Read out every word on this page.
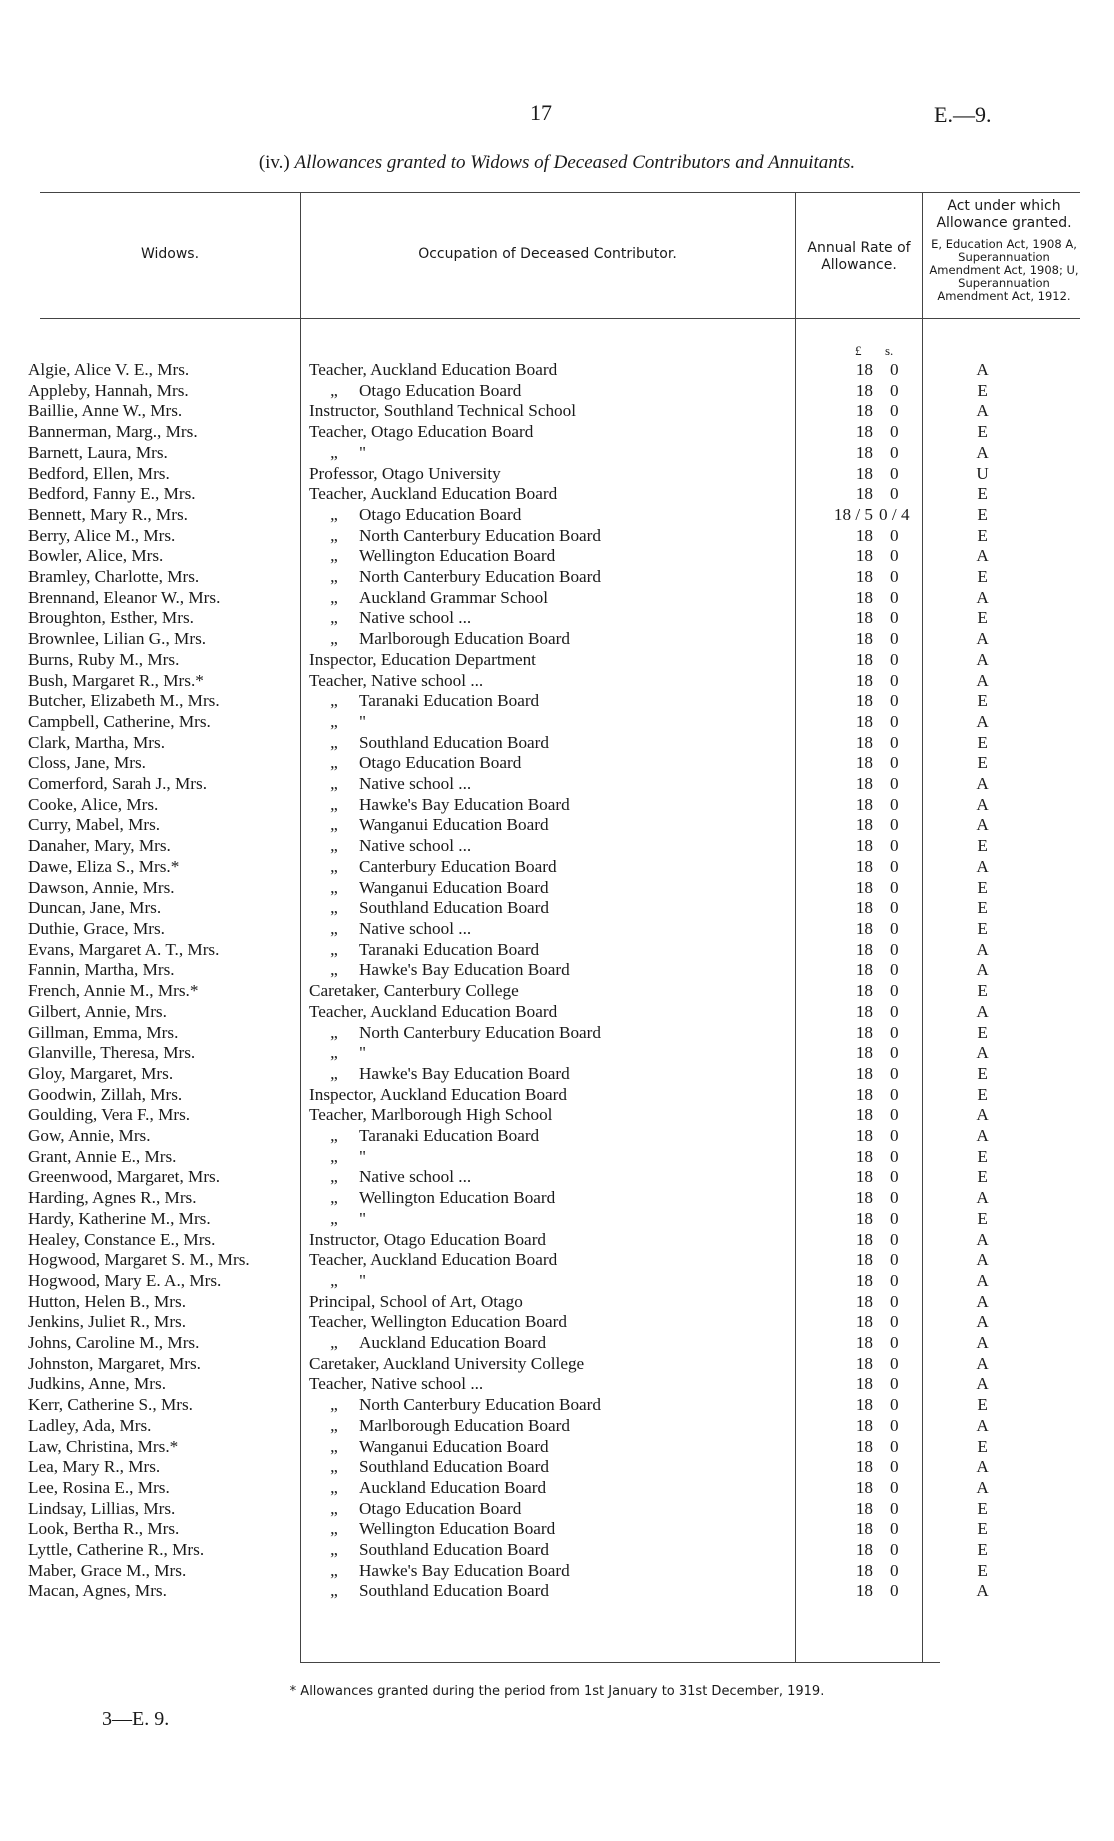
17	E.—9.
(iv.) Allowances granted to Widows of Deceased Contributors and Annuitants.
Widows.	Occupation of Deceased Contributor.	Annual Rate of Allowance.
Act under which Allowance granted.
E, Education Act, 1908 A, Superannuation Amendment Act, 1908; U, Superannuation Amendment Act, 1912.
£ s.
Algie, Alice V. E., Mrs.	Teacher, Auckland Education Board	18	0	A
Appleby, Hannah, Mrs.	„ Otago Education Board	18	0	E
Baillie, Anne W., Mrs.	Instructor, Southland Technical School	18	0	A
Bannerman, Marg., Mrs.	Teacher, Otago Education Board	18	0	E
Barnett, Laura, Mrs.	„ "	18	0	A
Bedford, Ellen, Mrs.	Professor, Otago University	18	0	U
Bedford, Fanny E., Mrs.	Teacher, Auckland Education Board	18	0	E
Bennett, Mary R., Mrs.	„ Otago Education Board	18 / 5	0 / 4	E
Berry, Alice M., Mrs.	„ North Canterbury Education Board	18	0	E
Bowler, Alice, Mrs.	„ Wellington Education Board	18	0	A
Bramley, Charlotte, Mrs.	„ North Canterbury Education Board	18	0	E
Brennand, Eleanor W., Mrs.	„ Auckland Grammar School	18	0	A
Broughton, Esther, Mrs.	„ Native school ...	18	0	E
Brownlee, Lilian G., Mrs.	„ Marlborough Education Board	18	0	A
Burns, Ruby M., Mrs.	Inspector, Education Department	18	0	A
Bush, Margaret R., Mrs.*	Teacher, Native school ...	18	0	A
Butcher, Elizabeth M., Mrs.	„ Taranaki Education Board	18	0	E
Campbell, Catherine, Mrs.	„ "	18	0	A
Clark, Martha, Mrs.	„ Southland Education Board	18	0	E
Closs, Jane, Mrs.	„ Otago Education Board	18	0	E
Comerford, Sarah J., Mrs.	„ Native school ...	18	0	A
Cooke, Alice, Mrs.	„ Hawke's Bay Education Board	18	0	A
Curry, Mabel, Mrs.	„ Wanganui Education Board	18	0	A
Danaher, Mary, Mrs.	„ Native school ...	18	0	E
Dawe, Eliza S., Mrs.*	„ Canterbury Education Board	18	0	A
Dawson, Annie, Mrs.	„ Wanganui Education Board	18	0	E
Duncan, Jane, Mrs.	„ Southland Education Board	18	0	E
Duthie, Grace, Mrs.	„ Native school ...	18	0	E
Evans, Margaret A. T., Mrs.	„ Taranaki Education Board	18	0	A
Fannin, Martha, Mrs.	„ Hawke's Bay Education Board	18	0	A
French, Annie M., Mrs.*	Caretaker, Canterbury College	18	0	E
Gilbert, Annie, Mrs.	Teacher, Auckland Education Board	18	0	A
Gillman, Emma, Mrs.	„ North Canterbury Education Board	18	0	E
Glanville, Theresa, Mrs.	„ "	18	0	A
Gloy, Margaret, Mrs.	„ Hawke's Bay Education Board	18	0	E
Goodwin, Zillah, Mrs.	Inspector, Auckland Education Board	18	0	E
Goulding, Vera F., Mrs.	Teacher, Marlborough High School	18	0	A
Gow, Annie, Mrs.	„ Taranaki Education Board	18	0	A
Grant, Annie E., Mrs.	„ "	18	0	E
Greenwood, Margaret, Mrs.	„ Native school ...	18	0	E
Harding, Agnes R., Mrs.	„ Wellington Education Board	18	0	A
Hardy, Katherine M., Mrs.	„ "	18	0	E
Healey, Constance E., Mrs.	Instructor, Otago Education Board	18	0	A
Hogwood, Margaret S. M., Mrs.	Teacher, Auckland Education Board	18	0	A
Hogwood, Mary E. A., Mrs.	„ "	18	0	A
Hutton, Helen B., Mrs.	Principal, School of Art, Otago	18	0	A
Jenkins, Juliet R., Mrs.	Teacher, Wellington Education Board	18	0	A
Johns, Caroline M., Mrs.	„ Auckland Education Board	18	0	A
Johnston, Margaret, Mrs.	Caretaker, Auckland University College	18	0	A
Judkins, Anne, Mrs.	Teacher, Native school ...	18	0	A
Kerr, Catherine S., Mrs.	„ North Canterbury Education Board	18	0	E
Ladley, Ada, Mrs.	„ Marlborough Education Board	18	0	A
Law, Christina, Mrs.*	„ Wanganui Education Board	18	0	E
Lea, Mary R., Mrs.	„ Southland Education Board	18	0	A
Lee, Rosina E., Mrs.	„ Auckland Education Board	18	0	A
Lindsay, Lillias, Mrs.	„ Otago Education Board	18	0	E
Look, Bertha R., Mrs.	„ Wellington Education Board	18	0	E
Lyttle, Catherine R., Mrs.	„ Southland Education Board	18	0	E
Maber, Grace M., Mrs.	„ Hawke's Bay Education Board	18	0	E
Macan, Agnes, Mrs.	„ Southland Education Board	18	0	A
* Allowances granted during the period from 1st January to 31st December, 1919.
3—E. 9.
